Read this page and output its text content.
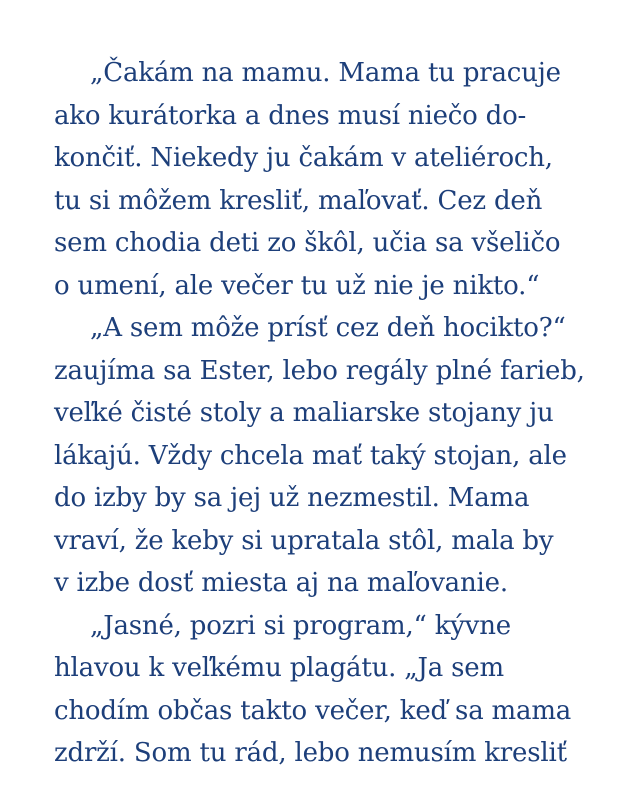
„Čakám na mamu. Mama tu pracuje
ako kurátorka a dnes musí niečo do-
končiť. Niekedy ju čakám v ateliéroch,
tu si môžem kresliť, maľovať. Cez deň
sem chodia deti zo škôl, učia sa všeličo
o umení, ale večer tu už nie je nikto.“
„A sem môže prísť cez deň hocikto?“
zaujíma sa Ester, lebo regály plné farieb,
veľké čisté stoly a maliarske stojany ju
lákajú. Vždy chcela mať taký stojan, ale
do izby by sa jej už nezmestil. Mama
vraví, že keby si upratala stôl, mala by
v izbe dosť miesta aj na maľovanie.
„Jasné, pozri si program,“ kývne
hlavou k veľkému plagátu. „Ja sem
chodím občas takto večer, keď sa mama
zdrží. Som tu rád, lebo nemusím kresliť
